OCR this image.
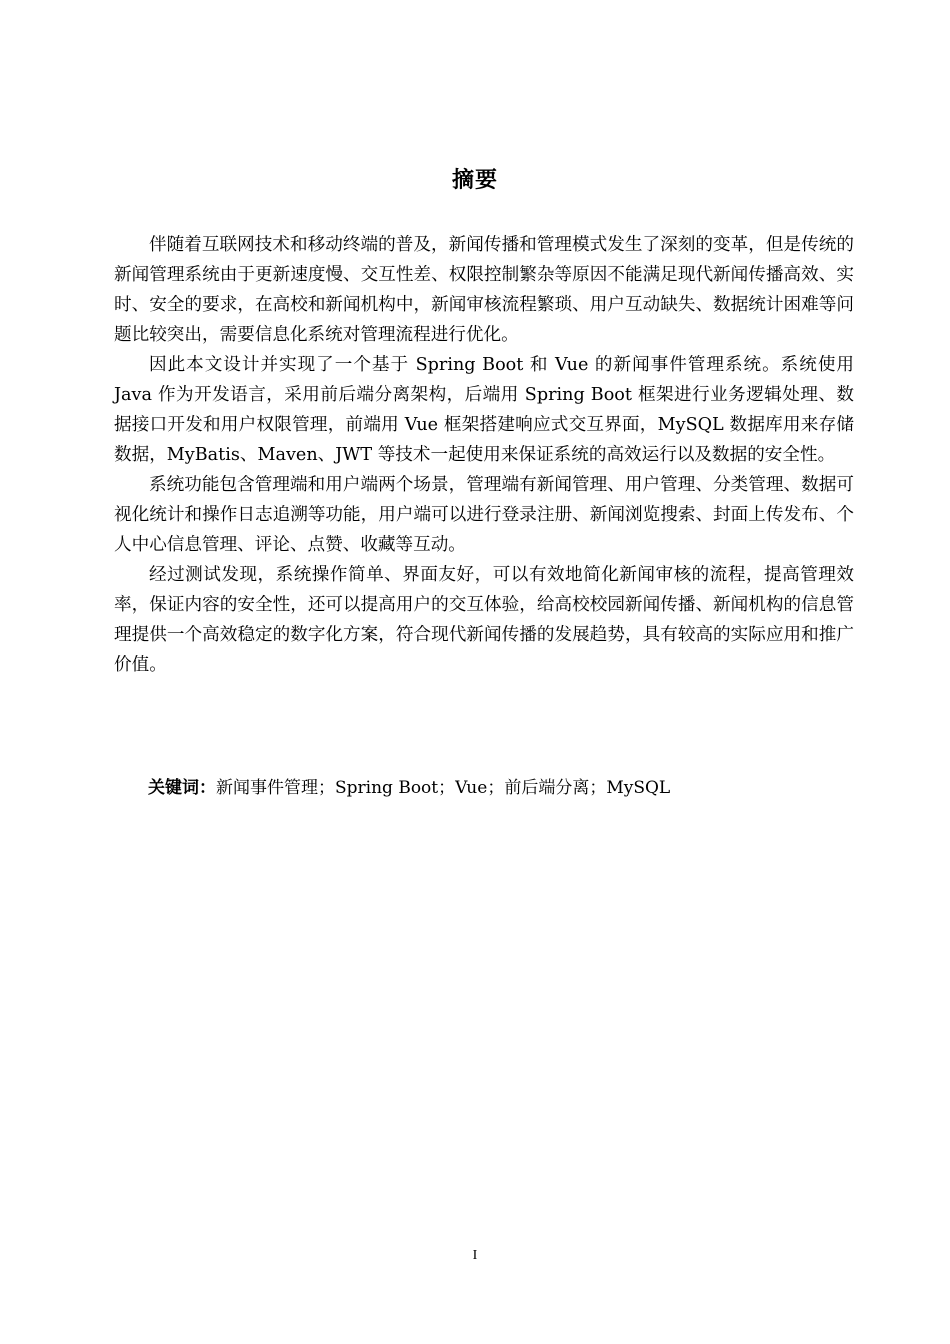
摘要

伴随着互联网技术和移动终端的普及，新闻传播和管理模式发生了深刻的变革，但是传统的新闻管理系统由于更新速度慢、交互性差、权限控制繁杂等原因不能满足现代新闻传播高效、实时、安全的要求，在高校和新闻机构中，新闻审核流程繁琐、用户互动缺失、数据统计困难等问题比较突出，需要信息化系统对管理流程进行优化。

因此本文设计并实现了一个基于 Spring Boot 和 Vue 的新闻事件管理系统。系统使用 Java 作为开发语言，采用前后端分离架构，后端用 Spring Boot 框架进行业务逻辑处理、数据接口开发和用户权限管理，前端用 Vue 框架搭建响应式交互界面，MySQL 数据库用来存储数据，MyBatis、Maven、JWT 等技术一起使用来保证系统的高效运行以及数据的安全性。

系统功能包含管理端和用户端两个场景，管理端有新闻管理、用户管理、分类管理、数据可视化统计和操作日志追溯等功能，用户端可以进行登录注册、新闻浏览搜索、封面上传发布、个人中心信息管理、评论、点赞、收藏等互动。

经过测试发现，系统操作简单、界面友好，可以有效地简化新闻审核的流程，提高管理效率，保证内容的安全性，还可以提高用户的交互体验，给高校校园新闻传播、新闻机构的信息管理提供一个高效稳定的数字化方案，符合现代新闻传播的发展趋势，具有较高的实际应用和推广价值。

关键词：新闻事件管理；Spring Boot；Vue；前后端分离；MySQL
I
